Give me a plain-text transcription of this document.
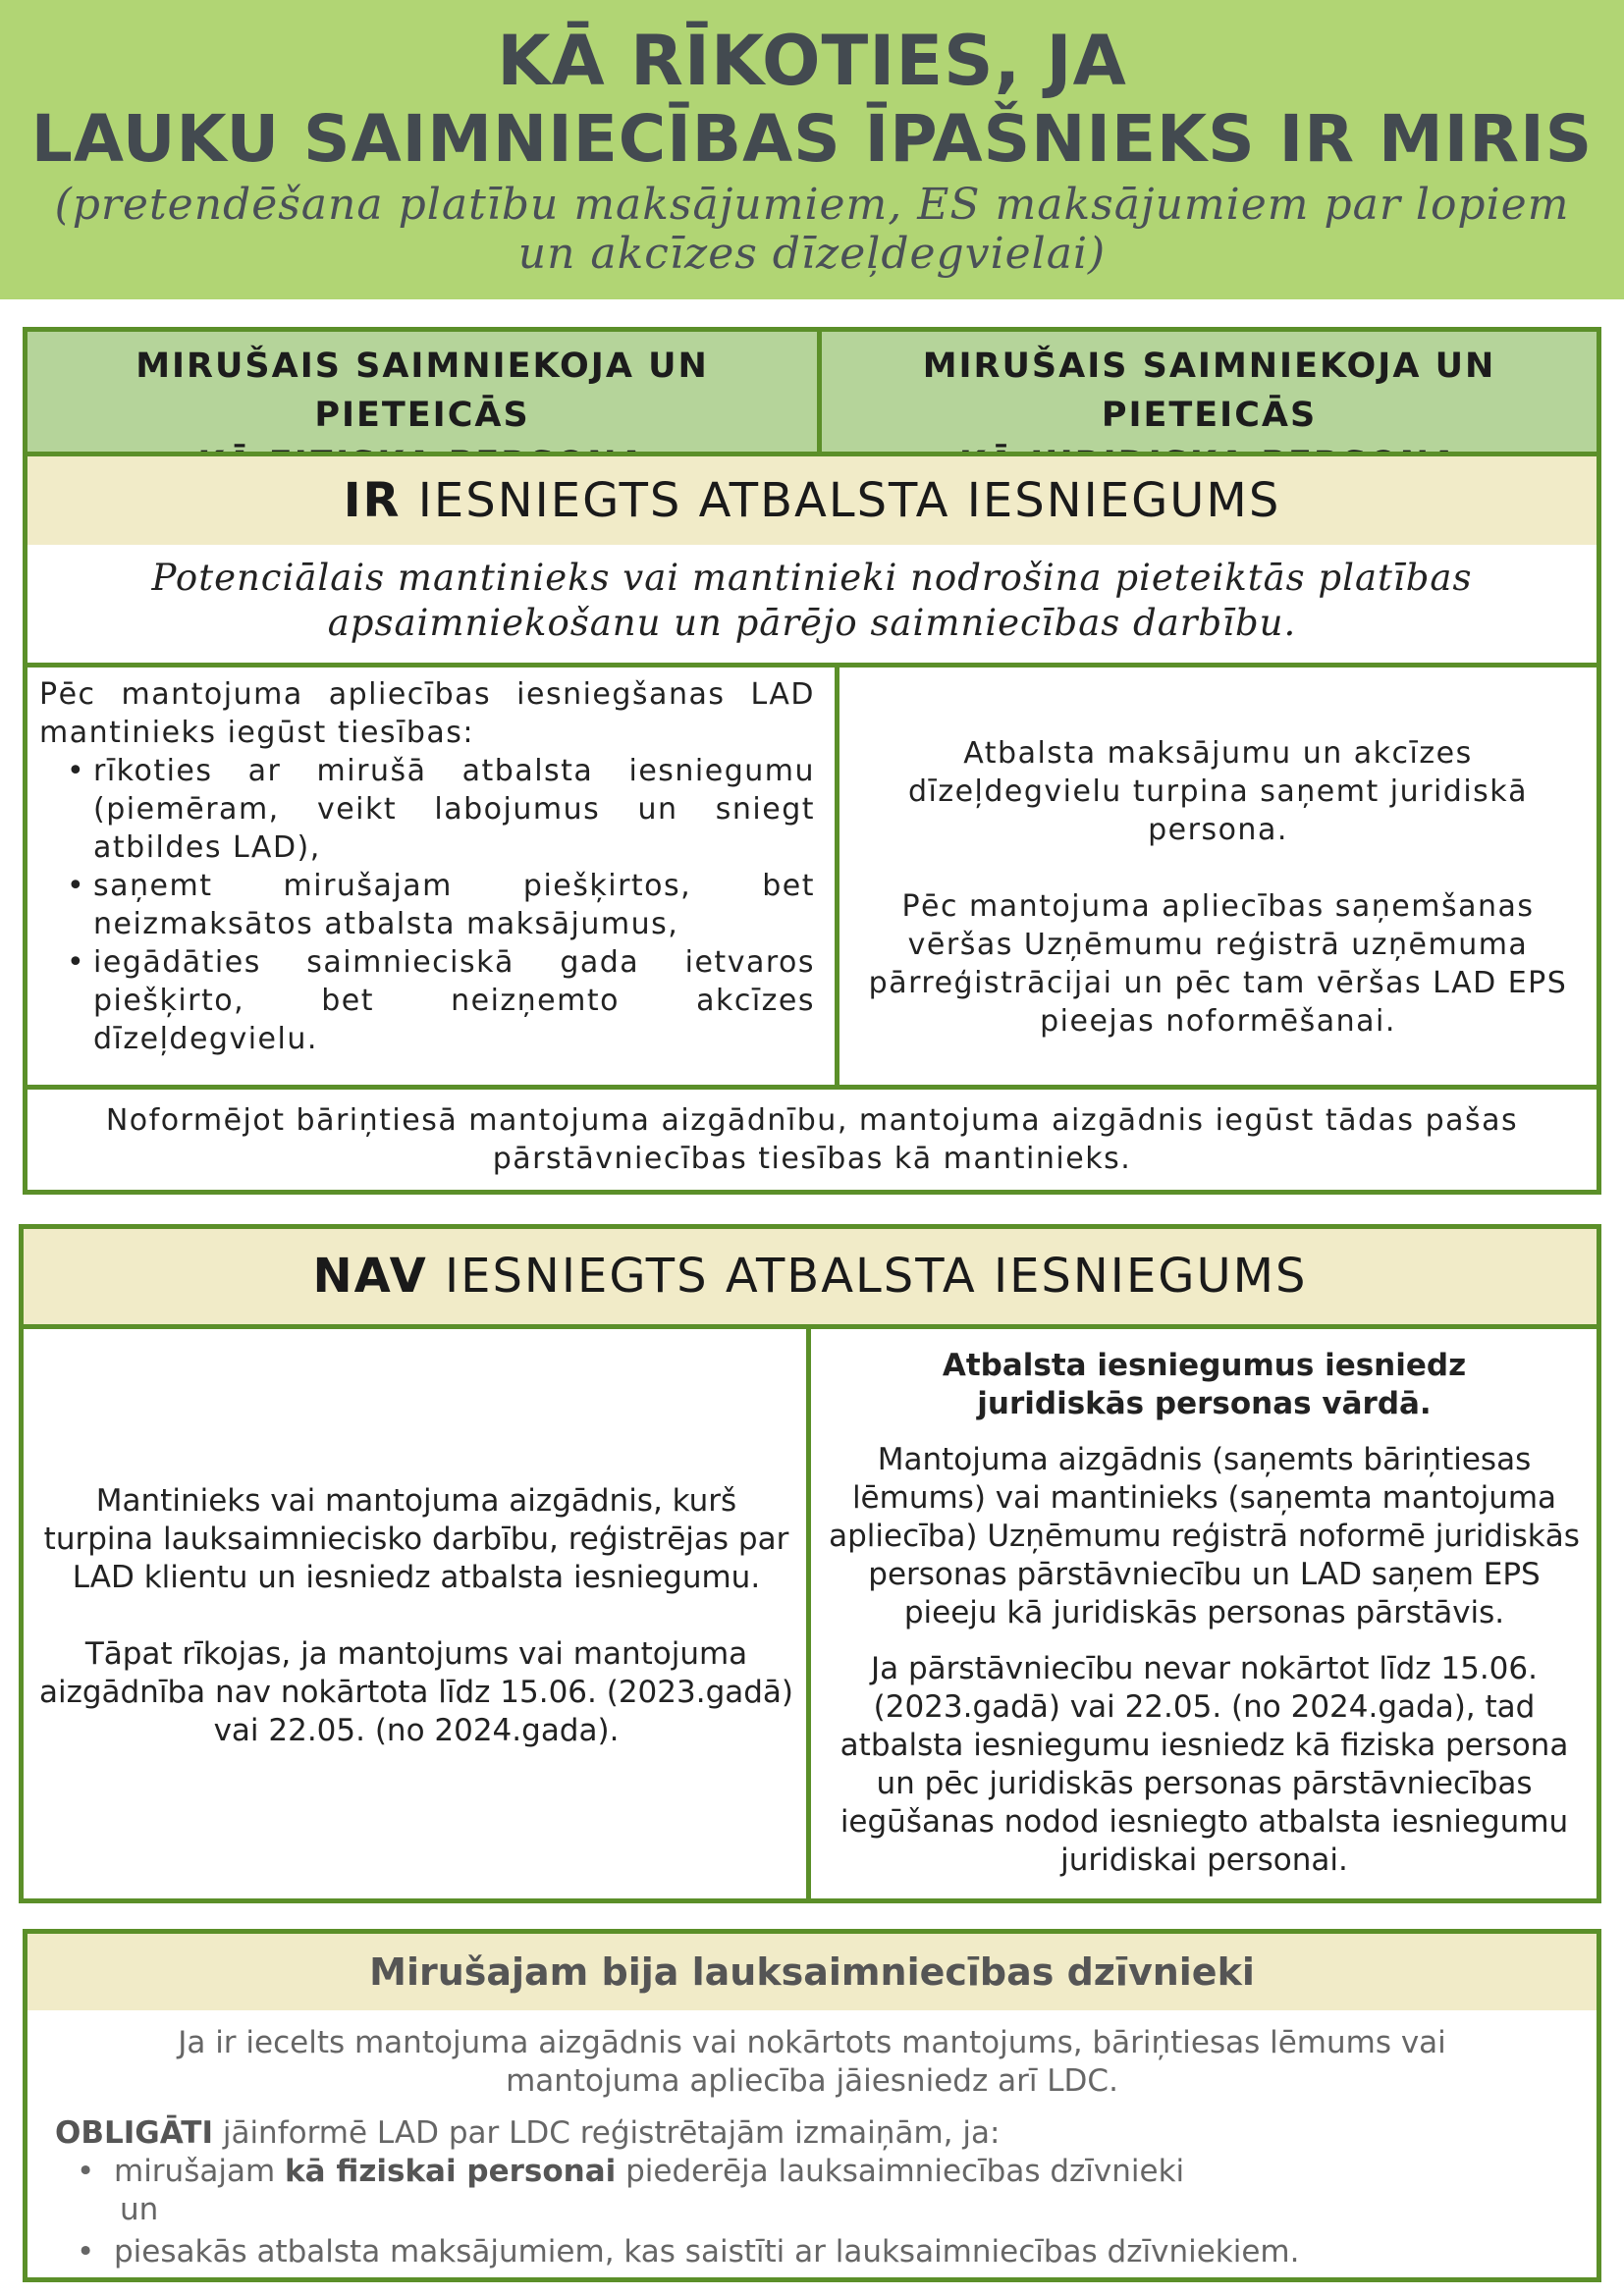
KĀ RĪKOTIES, JA
LAUKU SAIMNIECĪBAS ĪPAŠNIEKS IR MIRIS
(pretendēšana platību maksājumiem, ES maksājumiem par lopiem
un akcīzes dīzeļdegvielai)
MIRUŠAIS SAIMNIEKOJA UN PIETEICĀS
MIRUŠAIS SAIMNIEKOJA UN PIETEICĀS
IR IESNIEGTS ATBALSTA IESNIEGUMS
Potenciālais mantinieks vai mantinieki nodrošina pieteiktās platības
apsaimniekošanu un pārējo saimniecības darbību.
Pēc mantojuma apliecības iesniegšanas LAD mantinieks iegūst tiesības:
• rīkoties ar mirušā atbalsta iesniegumu (piemēram, veikt labojumus un sniegt atbildes LAD),
• saņemt mirušajam piešķirtos, bet neizmaksātos atbalsta maksājumus,
• iegādāties saimnieciskā gada ietvaros piešķirto, bet neizņemto akcīzes dīzeļdegvielu.
Atbalsta maksājumu un akcīzes dīzeļdegvielu turpina saņemt juridiskā persona.
Pēc mantojuma apliecības saņemšanas vēršas Uzņēmumu reģistrā uzņēmuma pārreģistrācijai un pēc tam vēršas LAD EPS pieejas noformēšanai.
Noformējot bāriņtiesā mantojuma aizgādnību, mantojuma aizgādnis iegūst tādas pašas pārstāvniecības tiesības kā mantinieks.
NAV IESNIEGTS ATBALSTA IESNIEGUMS
Mantinieks vai mantojuma aizgādnis, kurš turpina lauksaimniecisko darbību, reģistrējas par LAD klientu un iesniedz atbalsta iesniegumu.
Tāpat rīkojas, ja mantojums vai mantojuma aizgādnība nav nokārtota līdz 15.06. (2023.gadā) vai 22.05. (no 2024.gada).
Atbalsta iesniegumus iesniedz juridiskās personas vārdā.
Mantojuma aizgādnis (saņemts bāriņtiesas lēmums) vai mantinieks (saņemta mantojuma apliecība) Uzņēmumu reģistrā noformē juridiskās personas pārstāvniecību un LAD saņem EPS pieeju kā juridiskās personas pārstāvis.
Ja pārstāvniecību nevar nokārtot līdz 15.06. (2023.gadā) vai 22.05. (no 2024.gada), tad atbalsta iesniegumu iesniedz kā fiziska persona un pēc juridiskās personas pārstāvniecības iegūšanas nodod iesniegto atbalsta iesniegumu juridiskai personai.
Mirušajam bija lauksaimniecības dzīvnieki
Ja ir iecelts mantojuma aizgādnis vai nokārtots mantojums, bāriņtiesas lēmums vai mantojuma apliecība jāiesniedz arī LDC.
OBLIGĀTI jāinformē LAD par LDC reģistrētajām izmaiņām, ja:
• mirušajam kā fiziskai personai piederēja lauksaimniecības dzīvnieki
un
• piesakās atbalsta maksājumiem, kas saistīti ar lauksaimniecības dzīvniekiem.
